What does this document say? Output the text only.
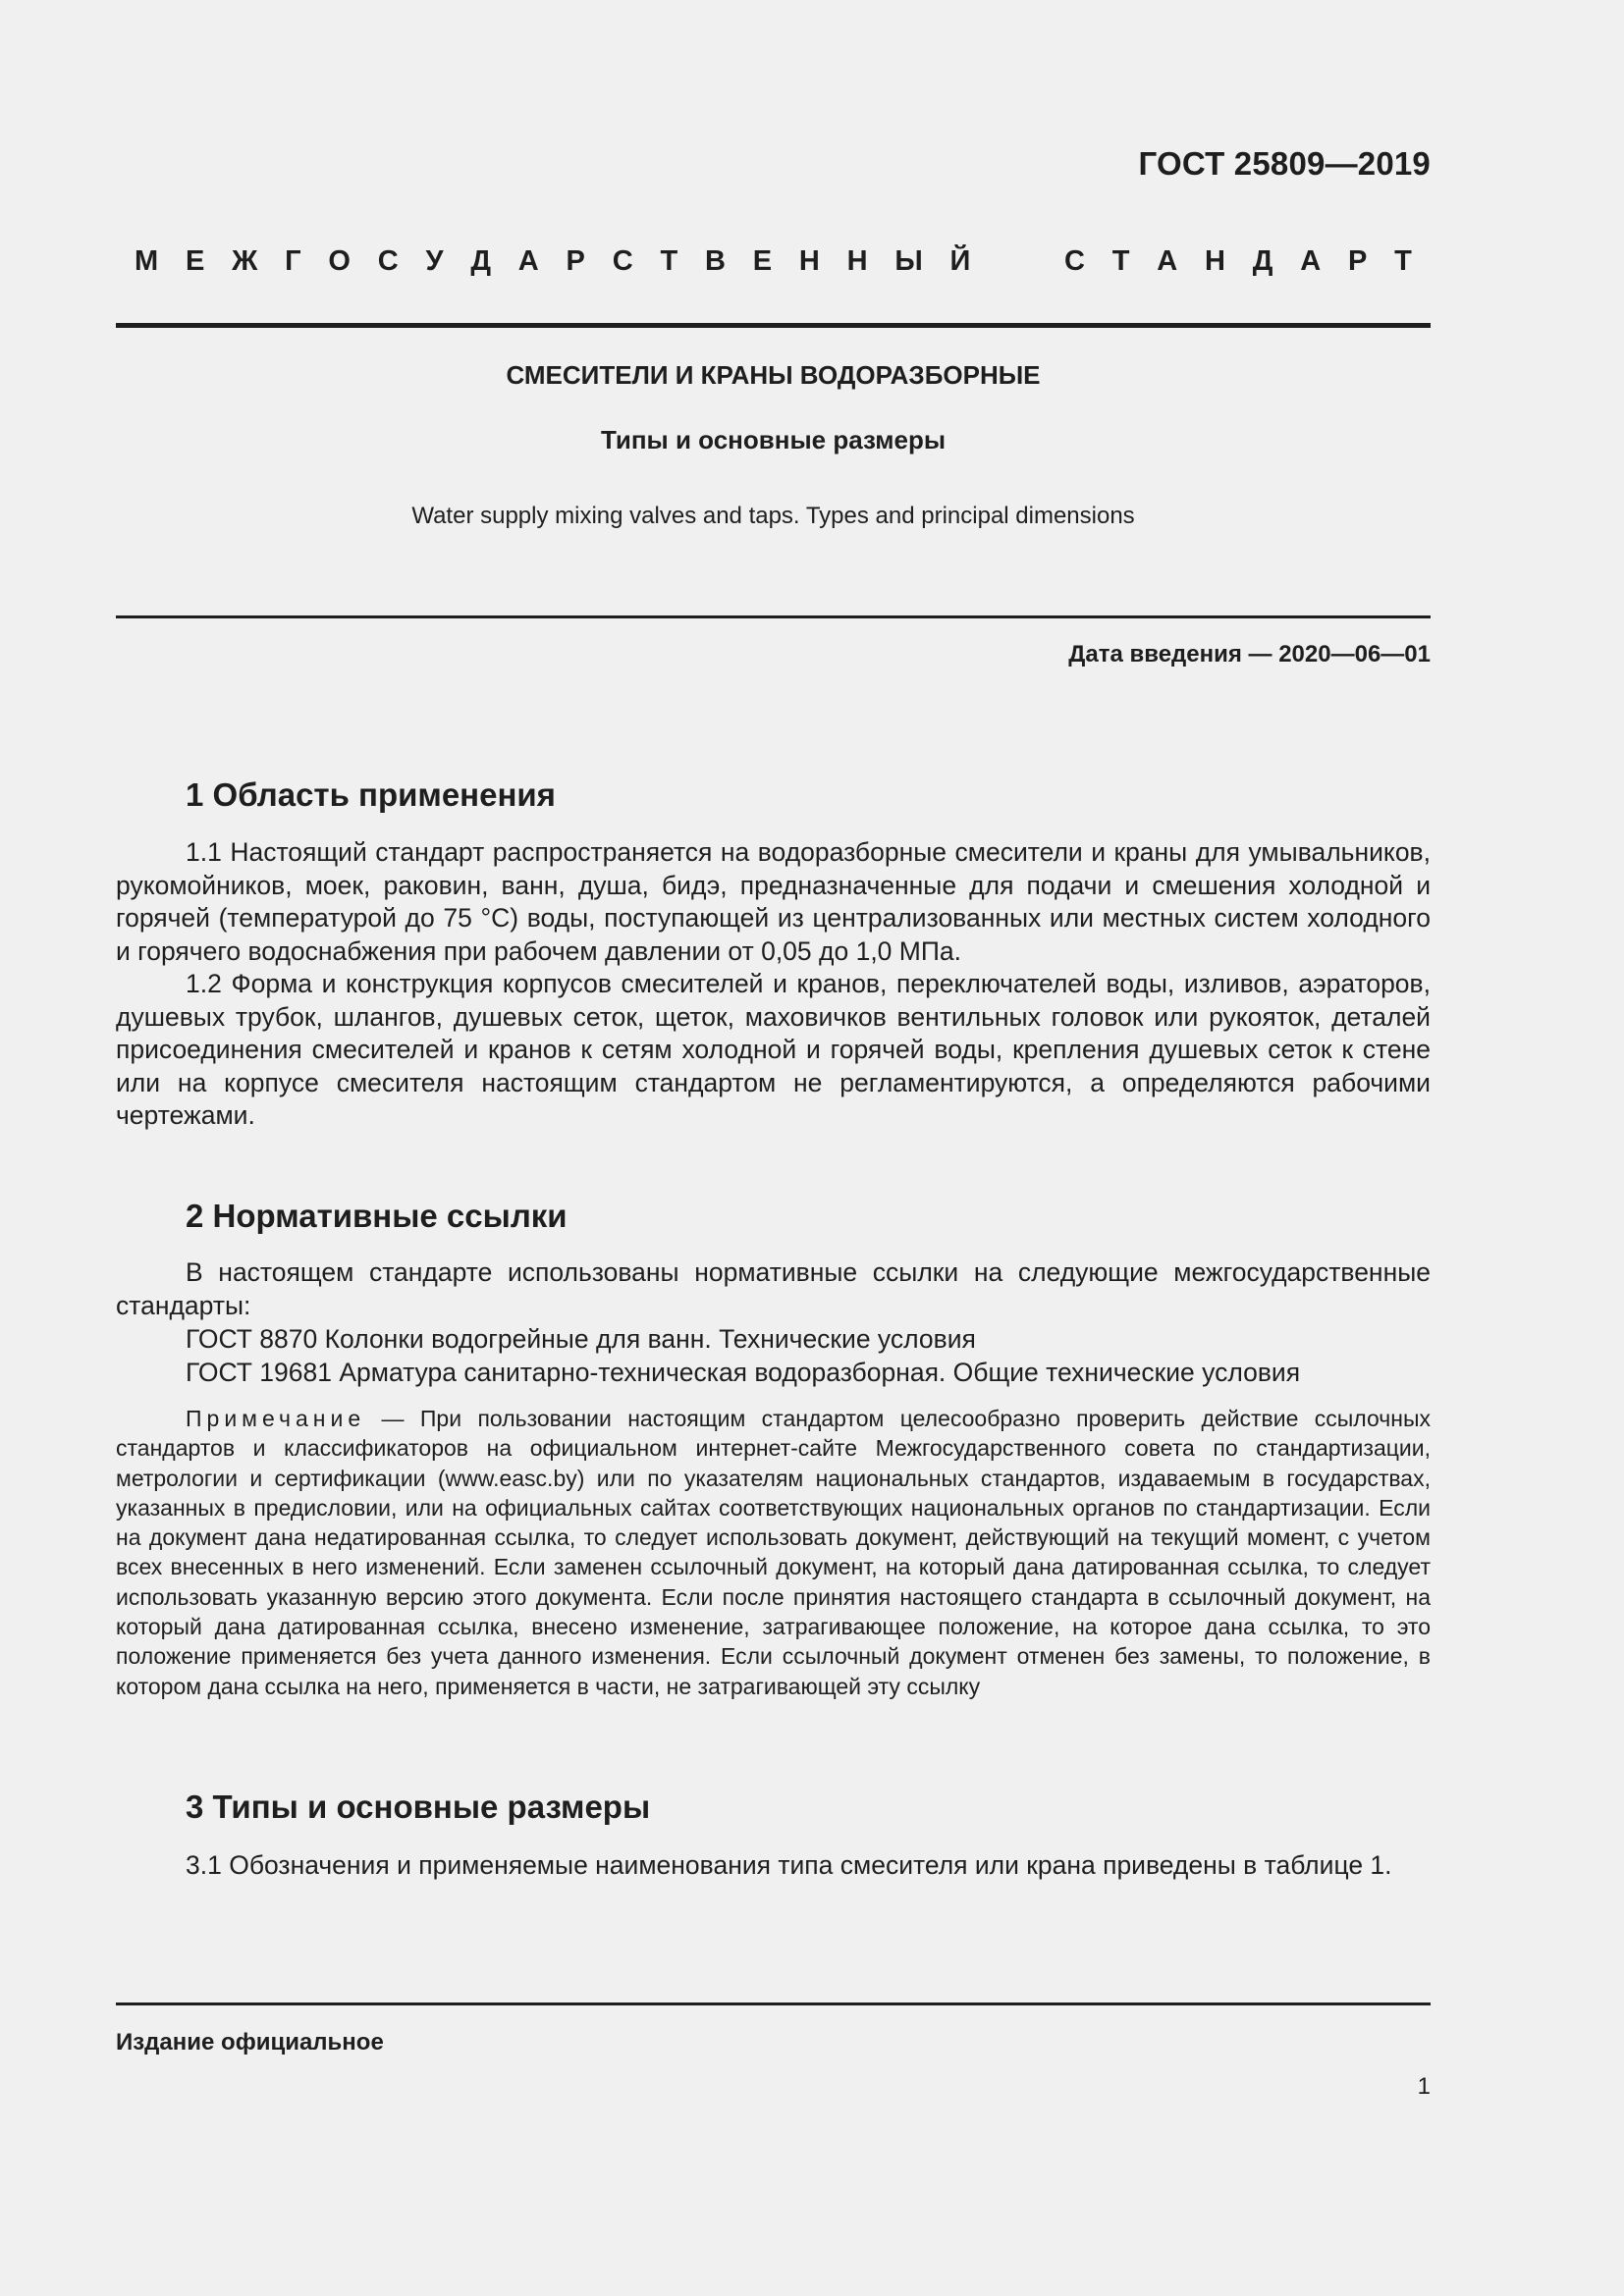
ГОСТ 25809—2019
М Е Ж Г О С У Д А Р С Т В Е Н Н Ы Й	С Т А Н Д А Р Т
СМЕСИТЕЛИ И КРАНЫ ВОДОРАЗБОРНЫЕ
Типы и основные размеры
Water supply mixing valves and taps. Types and principal dimensions
Дата введения — 2020—06—01
1 Область применения

1.1 Настоящий стандарт распространяется на водоразборные смесители и краны для умывальников, рукомойников, моек, раковин, ванн, душа, бидэ, предназначенные для подачи и смешения холодной и горячей (температурой до 75 °С) воды, поступающей из централизованных или местных систем холодного и горячего водоснабжения при рабочем давлении от 0,05 до 1,0 МПа.

1.2 Форма и конструкция корпусов смесителей и кранов, переключателей воды, изливов, аэраторов, душевых трубок, шлангов, душевых сеток, щеток, маховичков вентильных головок или рукояток, деталей присоединения смесителей и кранов к сетям холодной и горячей воды, крепления душевых сеток к стене или на корпусе смесителя настоящим стандартом не регламентируются, а определяются рабочими чертежами.

2 Нормативные ссылки

В настоящем стандарте использованы нормативные ссылки на следующие межгосударственные стандарты:

ГОСТ 8870 Колонки водогрейные для ванн. Технические условия

ГОСТ 19681 Арматура санитарно-техническая водоразборная. Общие технические условия

Примечание — При пользовании настоящим стандартом целесообразно проверить действие ссылочных стандартов и классификаторов на официальном интернет-сайте Межгосударственного совета по стандартизации, метрологии и сертификации (www.easc.by) или по указателям национальных стандартов, издаваемым в государствах, указанных в предисловии, или на официальных сайтах соответствующих национальных органов по стандартизации. Если на документ дана недатированная ссылка, то следует использовать документ, действующий на текущий момент, с учетом всех внесенных в него изменений. Если заменен ссылочный документ, на который дана датированная ссылка, то следует использовать указанную версию этого документа. Если после принятия настоящего стандарта в ссылочный документ, на который дана датированная ссылка, внесено изменение, затрагивающее положение, на которое дана ссылка, то это положение применяется без учета данного изменения. Если ссылочный документ отменен без замены, то положение, в котором дана ссылка на него, применяется в части, не затрагивающей эту ссылку

3 Типы и основные размеры

3.1 Обозначения и применяемые наименования типа смесителя или крана приведены в таблице 1.

Издание официальное
1
